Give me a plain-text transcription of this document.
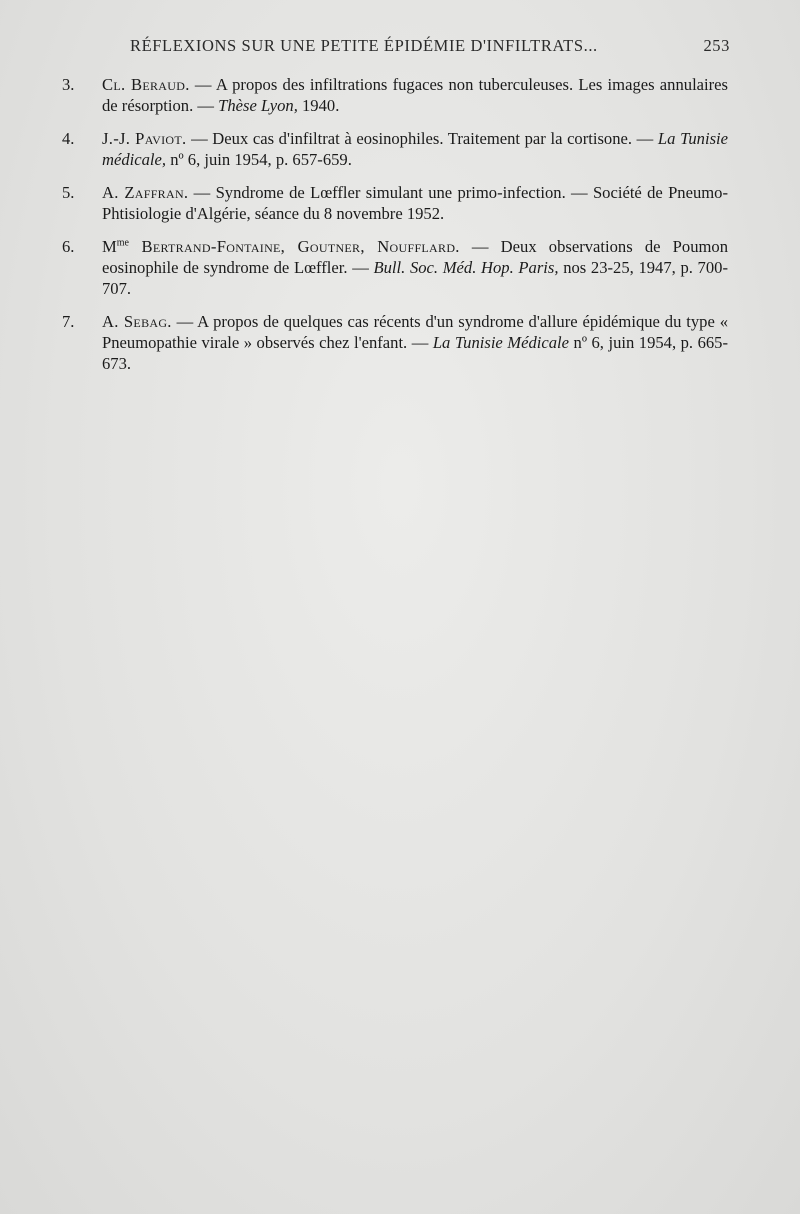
RÉFLEXIONS SUR UNE PETITE ÉPIDÉMIE D'INFILTRATS...	253
3. Cl. Beraud. — A propos des infiltrations fugaces non tuberculeuses. Les images annulaires de résorption. — Thèse Lyon, 1940.
4. J.-J. Paviot. — Deux cas d'infiltrat à eosinophiles. Traitement par la cortisone. — La Tunisie médicale, nº 6, juin 1954, p. 657-659.
5. A. Zaffran. — Syndrome de Lœffler simulant une primo-infection. — Société de Pneumo-Phtisiologie d'Algérie, séance du 8 novembre 1952.
6. $M^{me}$ Bertrand-Fontaine, Goutner, Noufflard. — Deux observations de Poumon eosinophile de syndrome de Lœffler. — Bull. Soc. Méd. Hop. Paris, nos 23-25, 1947, p. 700-707.
7. A. Sebag. — A propos de quelques cas récents d'un syndrome d'allure épidémique du type « Pneumopathie virale » observés chez l'enfant. — La Tunisie Médicale nº 6, juin 1954, p. 665-673.
